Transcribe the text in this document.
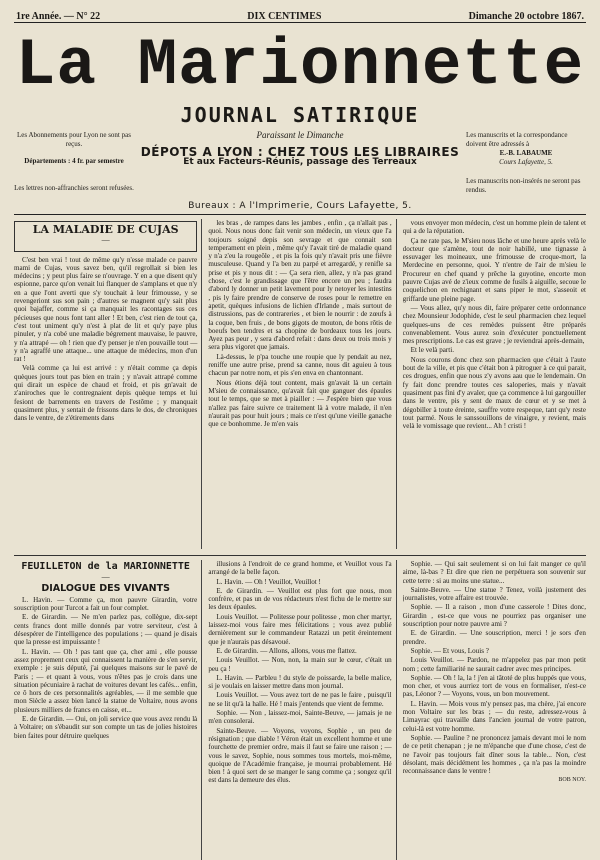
1re Année. — N° 22	DIX CENTIMES	Dimanche 20 octobre 1867.
La Marionnette
JOURNAL SATIRIQUE
Les Abonnements pour Lyon ne sont pas reçus.
Départements : 4 fr. par semestre
Les lettres non-affranchies seront refusées.
Paraissant le Dimanche
DÉPOTS A LYON : CHEZ TOUS LES LIBRAIRES
Et aux Facteurs-Réunis, passage des Terreaux
Les manuscrits et la correspondance doivent être adressés à
E.-B. LABAUME
Cours Lafayette, 5.
Les manuscrits non-insérés ne seront pas rendus.
Bureaux : A l'Imprimerie, Cours Lafayette, 5.
LA MALADIE DE CUJAS
—

C'est ben vrai ! tout de même qu'y n'esse malade ce pauvre mami de Cujas, vous savez ben, qu'il regrollait si bien les médecins ; y peut plus faire se n'ouvrage. Y en a que disent qu'y espionne, parce qu'on venait lui flanquer de s'amplans et que n'y en a que l'ont averti que s'y touchait à leur frimousse, y se revengeriont sus son pain ; d'autres se magnent qu'y sait plus quoi bajaffer, comme si ça manquait les racontages sus ces pécieuses que nous font tant aller ! Et ben, c'est rien de tout ça, c'est tout uniment qu'y n'est à plat de lit et qu'y paye plus pinuler, y n'a cobé une maladie bégrement mauvaise, le pauvre, y n'a attrapé — oh ! rien que d'y penser je n'en pouvaille tout — y n'a agraffé une attaque... une attaque de médecins, mon d'un rat !

Velà comme ça lui est arrivé : y n'était comme ça depis quèques jours tout pas bien en train ; y n'avait attrapé comme qui dirait un espèce de chaud et froid, et pis gn'avait de z'aniroches que le contregnaient depis quèque temps et lui fesiont de barrements en travers de l'estôme ; y manquait quasiment plus, y sentait de frissons dans le dos, de chroniques dans le ventre, de z'étirements dans

les bras , de rampes dans les jambes , enfin , ça n'allait pas , quoi. Nous nous donc fait venir son médecin, un vieux que l'a toujours soigné depis son sevrage et que connait son temperament en plein , même qu'y l'avait tiré de maladie quand y n'a z'eu la rougeôle , et pis la fois qu'y n'avait pris une fièvre musculeuse. Quand y l'a ben zu parpé et arregardé, y renifle sa prise et pis y nous dit : — Ça sera rien, allez, y n'a pas grand chose, c'est le grandissage que l'être encore un peu ; faudra d'abord ly donner un petit lavement pour ly netoyer les intestins , pis ly faire prendre de conserve de roses pour le remettre en apetit, quèques infusions de lichien d'Irlande , mais surtout de distrussions, pas de contrareries , et bien le nourrir : de zœufs à la coque, ben fruis , de bons gigots de mouton, de bons rôtis de boeufs ben tendres et sa chopine de bordeaux tous les jours. Ayez pas peur , y sera d'abord refait : dans deux ou trois mois y sera plus vigoret que jamais.

Là-dessus, le p'pa touche une roupie que ly pendait au nez, reniffe une autre prise, prend sa canne, nous dit aguieu à tous chacun par notre nom, et pis s'en enva en chantonnant.

Nous étions déjà tout content, mais gn'avait là un certain M'sieu de connaissance, qu'avait fait que ganguer des épaules tout le temps, que se met à piailler : — J'espère bien que vous n'allez pas faire suivre ce traitement là à votre malade, il n'en n'aurait pas pour huit jours ; mais ce n'est qu'une vieille ganache que ce bonhomme. Je m'en vais

vous envoyer mon médecin, c'est un homme plein de talent et qui a de la réputation.

Ça ne rate pas, le M'sieu nous lâche et une heure après velà le docteur que s'amène, tout de noir habillé, une tignasse à essuvager les moineaux, une frimousse de croque-mort, la Merdecine en personne, quoi. Y n'entre de l'air de m'sieu le Procureur en chef quand y prêche la guyotine, encorte mon pauvre Cujas avé de z'ieux comme de fusils à aiguille, secoue le coquelichon en rechignant et sans piper le mot, s'asseoit et griffarde une pleine page.

— Vous allez, qu'y nous dit, faire préparer cette ordonnance chez Mounsieur Jodophide, c'est le seul pharmacien chez lequel quelques-uns de ces remèdes puissent être préparés convenablement. Vous aurez soin d'exécuter ponctuellement mes prescriptions. Le cas est grave ; je reviendrai après-demain,

Et le velà parti.

Nous courons donc chez son pharmacien que c'était à l'aute bout de la ville, et pis que c'était bon à pitroguer à ce qui parait, ces drogues, enfin que nous z'y avons aau que le lendemain. On fy fait donc prendre toutes ces saloperies, mais y n'avait quasiment pas fini d'y avaler, que ça commence à lui gargouiller dans le ventre, pis y sent de maux de cœur et y se met à dégobiller à toute éreinte, sauffre votre respeque, tant qu'y reste tout parmé. Nous le sanssouillons de vinaigre, y revient, mais velà le vomissage que revient... Ah ! cristi !

FEUILLETON de la MARIONNETTE
—
DIALOGUE DES VIVANTS

L. Havin. — Comme ça, mon pauvre Girardin, votre souscription pour Turcot a fait un four complet.

E. de Girardin. — Ne m'en parlez pas, collègue, dix-sept cents francs dont mille donnés par votre serviteur, c'est à désespérer de l'intelligence des populations ; — quand je disais que la presse est impuissante !

L. Havin. — Oh ! pas tant que ça, cher ami , elle pousse assez proprement ceux qui connaissent la manière de s'en servir, exemple : je suis député, j'ai quelques maisons sur le pavé de Paris ; — et quant à vous, vous n'êtes pas je crois dans une situation pécuniaire à rachat de voitures devant les cafés... enfin, ce ô hors de ces personnalités agréables, — il me semble que mon Siècle a assez bien lancé la statue de Voltaire, nous avons plusieurs milliers de francs en caisse, et...

E. de Girardin. — Oui, on joli service que vous avez rendu là à Voltaire; on s'ébaudit sur son compte un tas de jolies histoires bien faites pour détruire quelques

illusions à l'endroit de ce grand homme, et Veuillot vous l'a arrangé de la belle façon.

L. Havin. — Oh ! Veuillot, Veuillot !

E. de Girardin. — Veuillot est plus fort que nous, mon confrère, et pas un de vos rédacteurs n'est fichu de le mettre sur les deux épaules.

Louis Veuillot. — Politesse pour politesse , mon cher martyr, laissez-moi vous faire mes félicitations ; vous avez publié dernièrement sur le commandeur Ratazzi un petit éreintement que je n'aurais pas désavoué.

E. de Girardin. — Allons, allons, vous me flattez.

Louis Veuillot. — Non, non, la main sur le cœur, c'était un peu ça !

L. Havin. — Parbleu ! du style de poissarde, la belle malice, si je voulais en laisser mettre dans mon journal.

Louis Veuillot. — Vous avez tort de ne pas le faire , puisqu'il ne se lit qu'à la halle. Hé ! mais j'entends que vient de femme.

Sophie. — Non , laissez-moi, Sainte-Beuve, — jamais je ne m'en consolerai.

Sainte-Beuve. — Voyons, voyons, Sophie , un peu de résignation ; que diable ! Véron était un excellent homme et une fourchette de premier ordre, mais il faut se faire une raison ; — vous le savez, Sophie, nous sommes tous mortels, moi-même, quoique de l'Académie française, je mourrai probablement. Hé bien ! à quoi sert de se manger le sang comme ça ; songez qu'il est dans la demeure des élus.

Sophie. — Qui sait seulement si on lui fait manger ce qu'il aime, là-bas ? Et dire que rien ne perpétuera son souvenir sur cette terre : si au moins une statue...

Sainte-Beuve. — Une statue ? Tenez, voilà justement des journalistes, votre affaire est trouvée.

Sophie. — Il a raison , mon d'une casserole ! Dites donc, Girardin , est-ce que vous ne pourriez pas organiser une souscription pour notre pauvre ami ?

E. de Girardin. — Une souscription, merci ! je sors d'en prendre.

Sophie. — Et vous, Louis ?

Louis Veuillot. — Pardon, ne m'appelez pas par mon petit nom ; cette familiarité ne saurait cadrer avec mes principes.

Sophie. — Oh ! la, la ! j'en ai tâtoté de plus huppés que vous, mon cher, et vous aurriez tort de vous en formaliser, n'est-ce pas, Léonor ? — Voyons, vous, un bon mouvement.

L. Havin. — Mois vous m'y pensez pas, ma chère, j'ai encore mon Voltaire sur les bras ; — du reste, adressez-vous à Limayrac qui travaille dans l'ancien journal de votre patron, celui-là est votre homme.

Sophie. — Pauline ? ne prononcez jamais devant moi le nom de ce petit chenapan ; je ne m'épanche que d'une chose, c'est de ne l'avoir pas toujours fait dîner sous la table... Non, c'est désolant, mais décidément les hommes , ça n'a pas la moindre reconnaissance dans le ventre !

BOB NOY.
